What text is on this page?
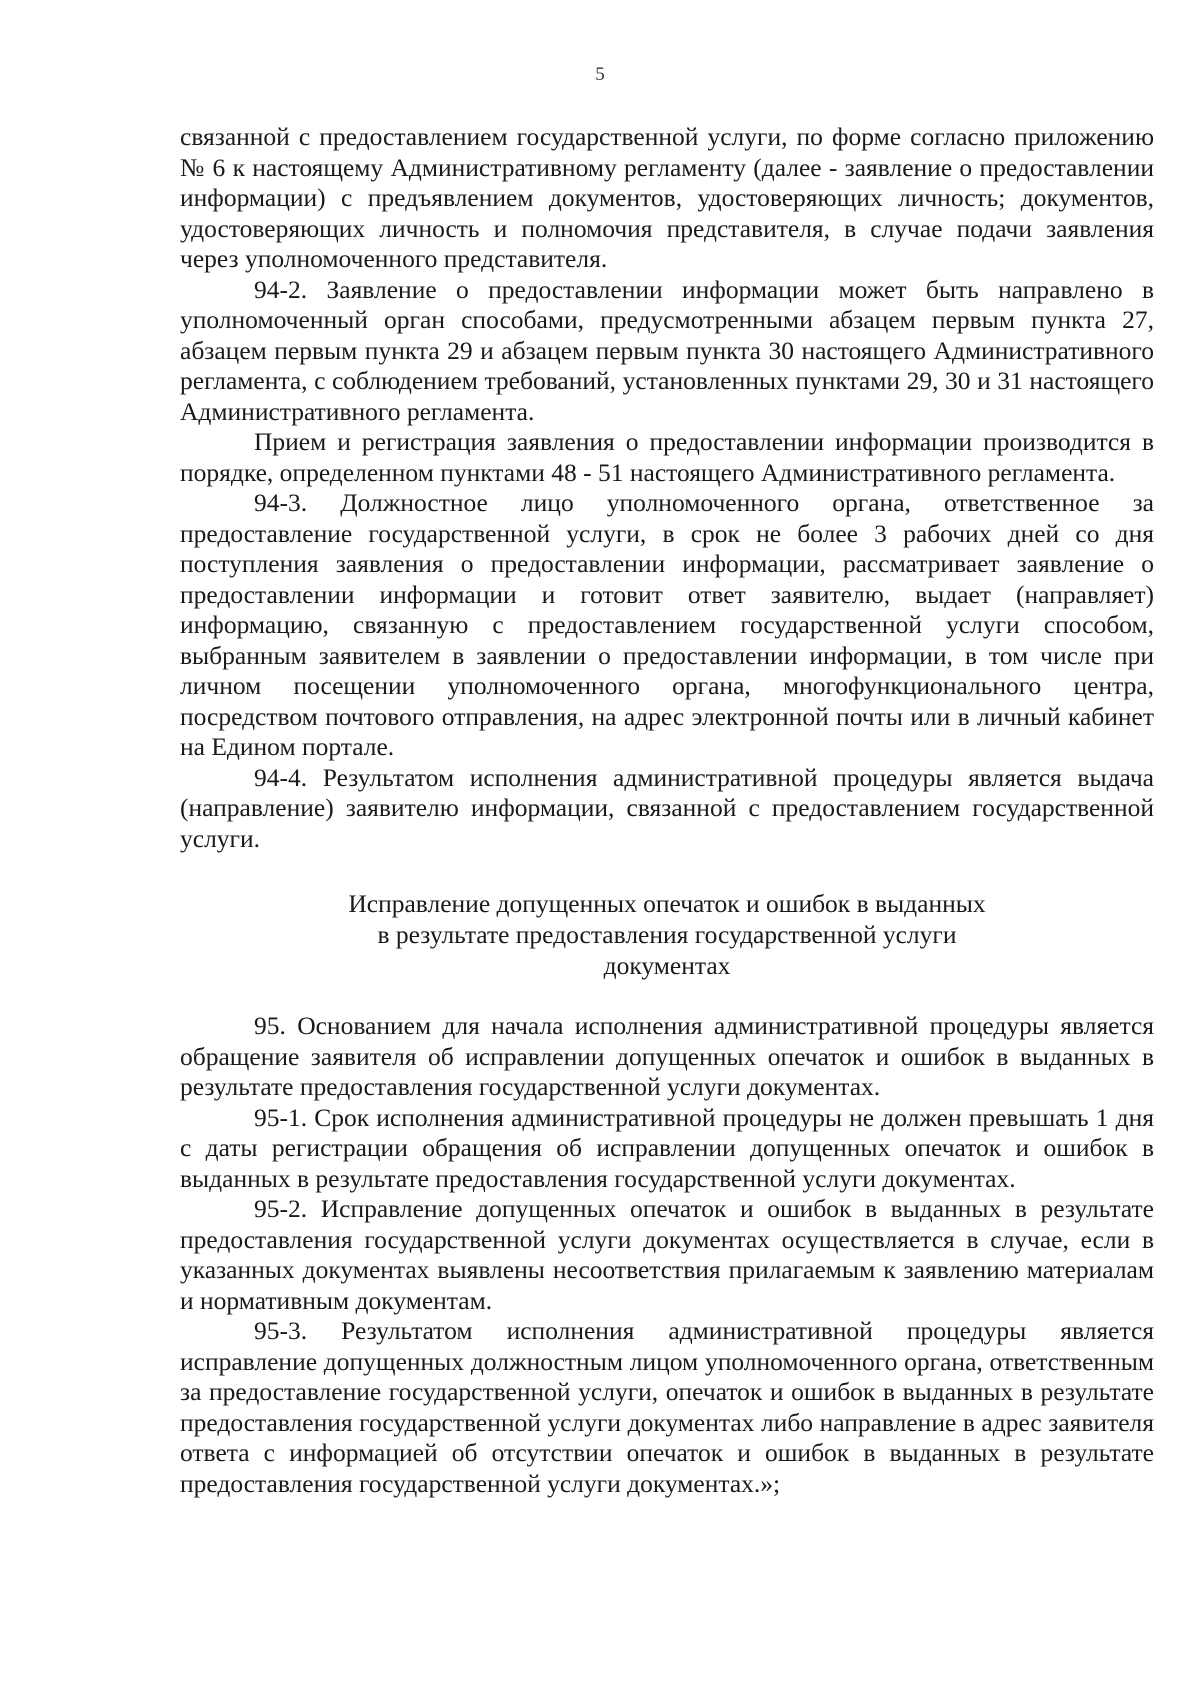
5

связанной с предоставлением государственной услуги, по форме согласно приложению № 6 к настоящему Административному регламенту (далее - заявление о предоставлении информации) с предъявлением документов, удостоверяющих личность; документов, удостоверяющих личность и полномочия представителя, в случае подачи заявления через уполномоченного представителя.

94-2. Заявление о предоставлении информации может быть направлено в уполномоченный орган способами, предусмотренными абзацем первым пункта 27, абзацем первым пункта 29 и абзацем первым пункта 30 настоящего Административного регламента, с соблюдением требований, установленных пунктами 29, 30 и 31 настоящего Административного регламента.

Прием и регистрация заявления о предоставлении информации производится в порядке, определенном пунктами 48 - 51 настоящего Административного регламента.

94-3. Должностное лицо уполномоченного органа, ответственное за предоставление государственной услуги, в срок не более 3 рабочих дней со дня поступления заявления о предоставлении информации, рассматривает заявление о предоставлении информации и готовит ответ заявителю, выдает (направляет) информацию, связанную с предоставлением государственной услуги способом, выбранным заявителем в заявлении о предоставлении информации, в том числе при личном посещении уполномоченного органа, многофункционального центра, посредством почтового отправления, на адрес электронной почты или в личный кабинет на Едином портале.

94-4. Результатом исполнения административной процедуры является выдача (направление) заявителю информации, связанной с предоставлением государственной услуги.

Исправление допущенных опечаток и ошибок в выданных
в результате предоставления государственной услуги
документах

95. Основанием для начала исполнения административной процедуры является обращение заявителя об исправлении допущенных опечаток и ошибок в выданных в результате предоставления государственной услуги документах.

95-1. Срок исполнения административной процедуры не должен превышать 1 дня с даты регистрации обращения об исправлении допущенных опечаток и ошибок в выданных в результате предоставления государственной услуги документах.

95-2. Исправление допущенных опечаток и ошибок в выданных в результате предоставления государственной услуги документах осуществляется в случае, если в указанных документах выявлены несоответствия прилагаемым к заявлению материалам и нормативным документам.

95-3. Результатом исполнения административной процедуры является исправление допущенных должностным лицом уполномоченного органа, ответственным за предоставление государственной услуги, опечаток и ошибок в выданных в результате предоставления государственной услуги документах либо направление в адрес заявителя ответа с информацией об отсутствии опечаток и ошибок в выданных в результате предоставления государственной услуги документах.»;
